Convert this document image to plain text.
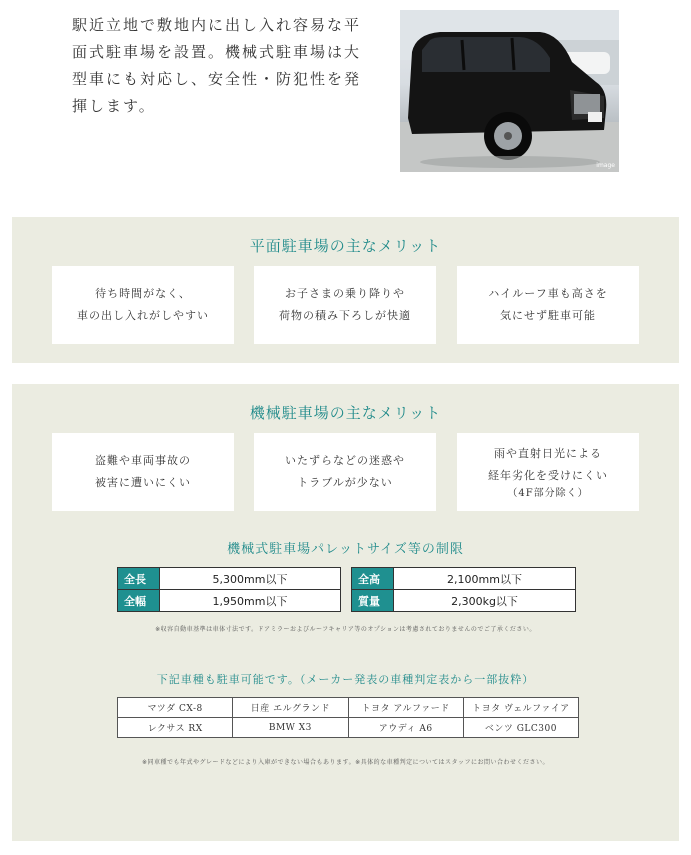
駅近立地で敷地内に出し入れ容易な平
面式駐車場を設置。機械式駐車場は大
型車にも対応し、安全性・防犯性を発
揮します。
image
平面駐車場の主なメリット
待ち時間がなく、
車の出し入れがしやすい
お子さまの乗り降りや
荷物の積み下ろしが快適
ハイルーフ車も高さを
気にせず駐車可能
機械駐車場の主なメリット
盗難や車両事故の
被害に遭いにくい
いたずらなどの迷惑や
トラブルが少ない
雨や直射日光による
経年劣化を受けにくい
（4F部分除く）
機械式駐車場パレットサイズ等の制限
全長	5,300mm以下
全幅	1,950mm以下
全高	2,100mm以下
質量	2,300kg以下
※収容自動車基準は車体寸法です。ドアミラーおよびルーフキャリア等のオプションは考慮されておりませんのでご了承ください。
下記車種も駐車可能です。（メーカー発表の車種判定表から一部抜粋）
マツダ CX-8	日産 エルグランド	トヨタ アルファード	トヨタ ヴェルファイア
レクサス RX	BMW X3	アウディ A6	ベンツ GLC300
※同車種でも年式やグレードなどにより入庫ができない場合もあります。※具体的な車種判定についてはスタッフにお問い合わせください。
